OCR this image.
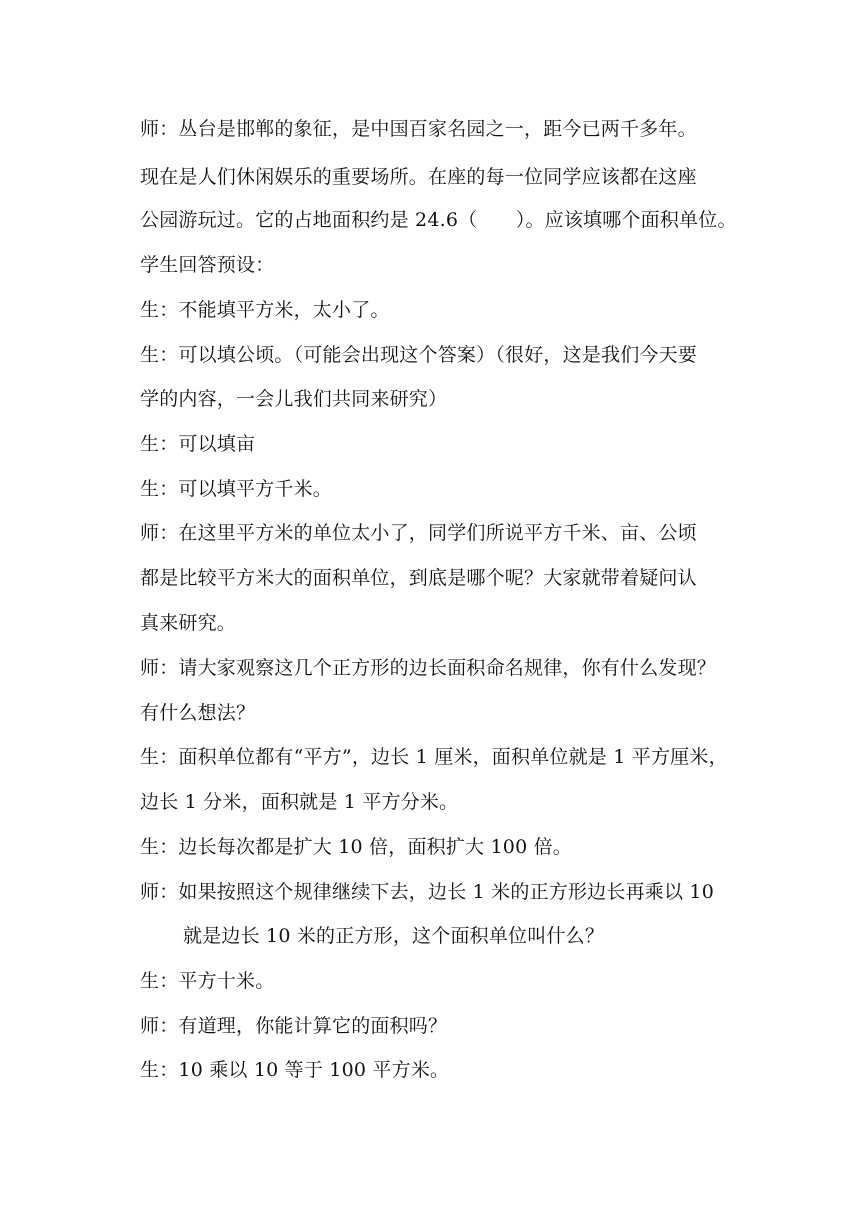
师：丛台是邯郸的象征，是中国百家名园之一，距今已两千多年。
现在是人们休闲娱乐的重要场所。在座的每一位同学应该都在这座
公园游玩过。它的占地面积约是 24.6（　　）。应该填哪个面积单位。
学生回答预设：
生：不能填平方米，太小了。
生：可以填公顷。（可能会出现这个答案）（很好，这是我们今天要
学的内容，一会儿我们共同来研究）
生：可以填亩
生：可以填平方千米。
师：在这里平方米的单位太小了，同学们所说平方千米、亩、公顷
都是比较平方米大的面积单位，到底是哪个呢？大家就带着疑问认
真来研究。
师：请大家观察这几个正方形的边长面积命名规律，你有什么发现？
有什么想法？
生：面积单位都有“平方”，边长 1 厘米，面积单位就是 1 平方厘米，
边长 1 分米，面积就是 1 平方分米。
生：边长每次都是扩大 10 倍，面积扩大 100 倍。
师：如果按照这个规律继续下去，边长 1 米的正方形边长再乘以 10
就是边长 10 米的正方形，这个面积单位叫什么？
生：平方十米。
师：有道理，你能计算它的面积吗？
生：10 乘以 10 等于 100 平方米。
